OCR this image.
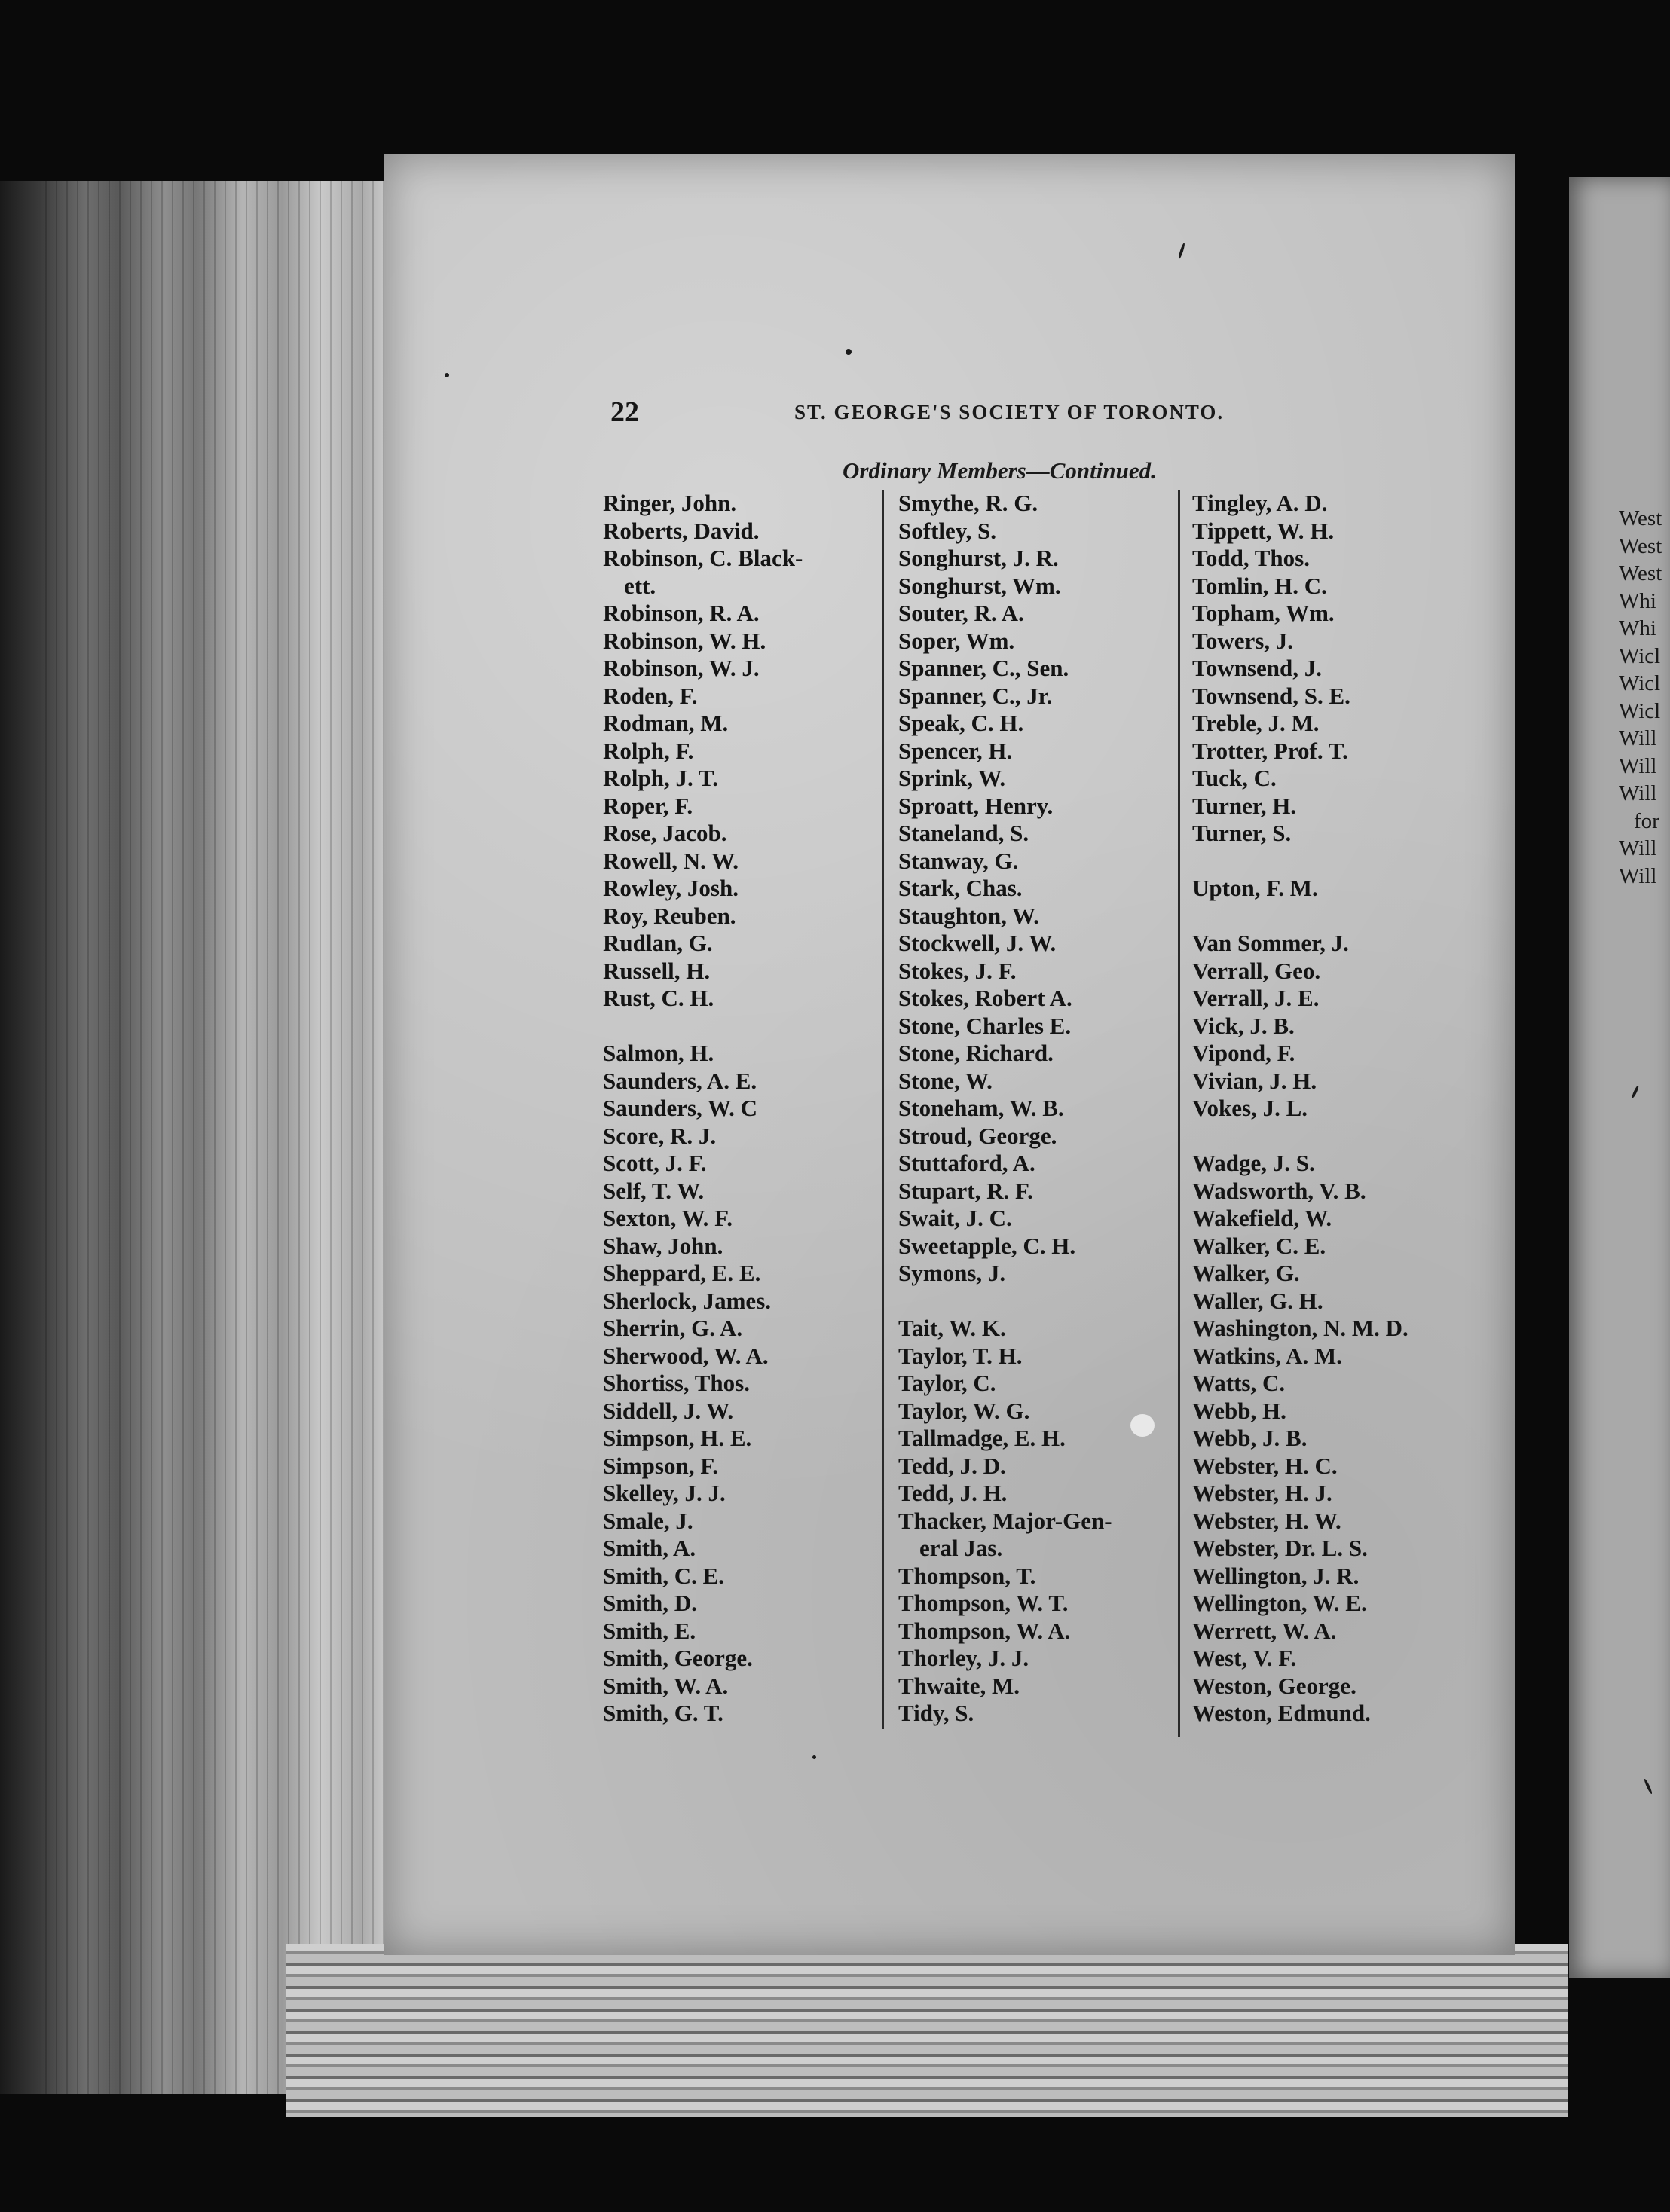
West
West
West
Whi
Whi
Wicl
Wicl
Wicl
Will
Will
Will
for
Will
Will
22	ST. GEORGE'S SOCIETY OF TORONTO.
Ordinary Members—Continued.
Ringer, John.
Roberts, David.
Robinson, C. Black-
ett.
Robinson, R. A.
Robinson, W. H.
Robinson, W. J.
Roden, F.
Rodman, M.
Rolph, F.
Rolph, J. T.
Roper, F.
Rose, Jacob.
Rowell, N. W.
Rowley, Josh.
Roy, Reuben.
Rudlan, G.
Russell, H.
Rust, C. H.
Salmon, H.
Saunders, A. E.
Saunders, W. C
Score, R. J.
Scott, J. F.
Self, T. W.
Sexton, W. F.
Shaw, John.
Sheppard, E. E.
Sherlock, James.
Sherrin, G. A.
Sherwood, W. A.
Shortiss, Thos.
Siddell, J. W.
Simpson, H. E.
Simpson, F.
Skelley, J. J.
Smale, J.
Smith, A.
Smith, C. E.
Smith, D.
Smith, E.
Smith, George.
Smith, W. A.
Smith, G. T.
Smythe, R. G.
Softley, S.
Songhurst, J. R.
Songhurst, Wm.
Souter, R. A.
Soper, Wm.
Spanner, C., Sen.
Spanner, C., Jr.
Speak, C. H.
Spencer, H.
Sprink, W.
Sproatt, Henry.
Staneland, S.
Stanway, G.
Stark, Chas.
Staughton, W.
Stockwell, J. W.
Stokes, J. F.
Stokes, Robert A.
Stone, Charles E.
Stone, Richard.
Stone, W.
Stoneham, W. B.
Stroud, George.
Stuttaford, A.
Stupart, R. F.
Swait, J. C.
Sweetapple, C. H.
Symons, J.
Tait, W. K.
Taylor, T. H.
Taylor, C.
Taylor, W. G.
Tallmadge, E. H.
Tedd, J. D.
Tedd, J. H.
Thacker, Major-Gen-
eral Jas.
Thompson, T.
Thompson, W. T.
Thompson, W. A.
Thorley, J. J.
Thwaite, M.
Tidy, S.
Tingley, A. D.
Tippett, W. H.
Todd, Thos.
Tomlin, H. C.
Topham, Wm.
Towers, J.
Townsend, J.
Townsend, S. E.
Treble, J. M.
Trotter, Prof. T.
Tuck, C.
Turner, H.
Turner, S.
Upton, F. M.
Van Sommer, J.
Verrall, Geo.
Verrall, J. E.
Vick, J. B.
Vipond, F.
Vivian, J. H.
Vokes, J. L.
Wadge, J. S.
Wadsworth, V. B.
Wakefield, W.
Walker, C. E.
Walker, G.
Waller, G. H.
Washington, N. M. D.
Watkins, A. M.
Watts, C.
Webb, H.
Webb, J. B.
Webster, H. C.
Webster, H. J.
Webster, H. W.
Webster, Dr. L. S.
Wellington, J. R.
Wellington, W. E.
Werrett, W. A.
West, V. F.
Weston, George.
Weston, Edmund.
